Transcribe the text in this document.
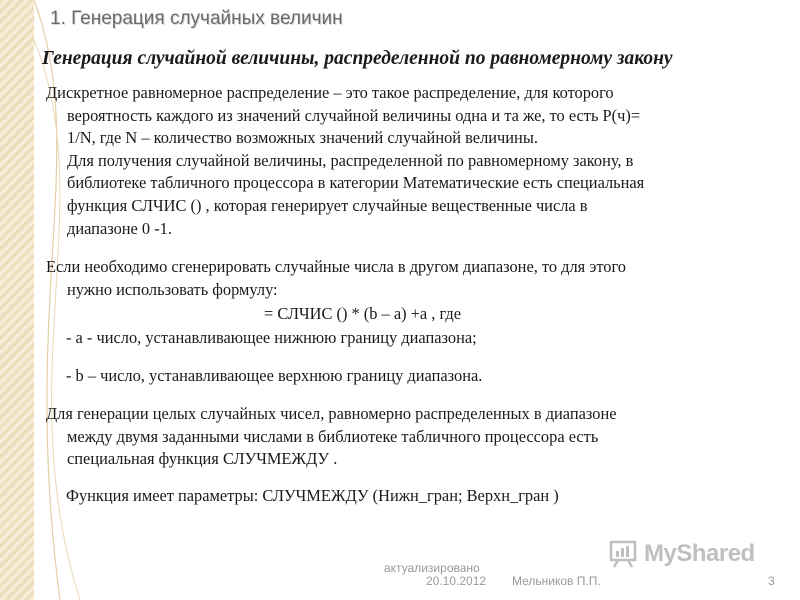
1. Генерация случайных величин
Генерация случайной величины, распределенной по равномерному закону

Дискретное равномерное распределение – это такое распределение, для которого

вероятность каждого из значений случайной величины одна и та же, то есть Р(ч)=
1/N, где N – количество возможных значений случайной величины.
Для получения случайной величины, распределенной по равномерному закону, в
библиотеке табличного процессора в категории Математические есть специальная
функция СЛЧИС () , которая генерирует случайные вещественные числа в
диапазоне 0 -1.

Если необходимо сгенерировать случайные числа в другом диапазоне, то для этого

нужно использовать формулу:

= СЛЧИС () * (b – a) +a , где

- а - число, устанавливающее нижнюю границу диапазона;

- b – число, устанавливающее верхнюю границу диапазона.

Для генерации целых случайных чисел, равномерно распределенных в диапазоне

между двумя заданными числами в библиотеке табличного процессора есть
специальная функция СЛУЧМЕЖДУ .

Функция имеет параметры: СЛУЧМЕЖДУ (Нижн_гран; Верхн_гран )

MyShared

актуализировано

20.10.2012 Мельников П.П.	3
